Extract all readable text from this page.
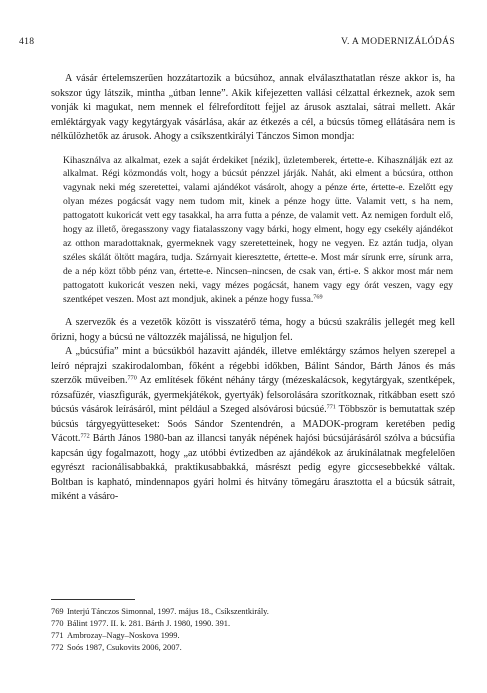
418	V. A MODERNIZÁLÓDÁS

A vásár értelemszerűen hozzátartozik a búcsúhoz, annak elválaszthatatlan része akkor is, ha sokszor úgy látszik, mintha „útban lenne”. Akik kifejezetten vallási célzattal érkeznek, azok sem vonják ki magukat, nem mennek el félrefordított fejjel az árusok asztalai, sátrai mellett. Akár emléktárgyak vagy kegytárgyak vásárlása, akár az étkezés a cél, a búcsús tömeg ellátására nem is nélkülözhetők az árusok. Ahogy a csíkszentkirályi Tánczos Simon mondja:

Kihasználva az alkalmat, ezek a saját érdekiket [nézik], üzletemberek, értette-e. Kihasználják ezt az alkalmat. Régi közmondás volt, hogy a búcsút pénzzel járják. Nahát, aki elment a búcsúra, otthon vagynak neki még szeretettei, valami ajándékot vásárolt, ahogy a pénze érte, értette-e. Ezelőtt egy olyan mézes pogácsát vagy nem tudom mit, kinek a pénze hogy ütte. Valamit vett, s ha nem, pattogatott kukoricát vett egy tasakkal, ha arra futta a pénze, de valamit vett. Az nemigen fordult elő, hogy az illető, öregasszony vagy fiatalasszony vagy bárki, hogy elment, hogy egy csekély ajándékot az otthon maradottaknak, gyermeknek vagy szeretetteinek, hogy ne vegyen. Ez aztán tudja, olyan széles skálát öltött magára, tudja. Szárnyait kieresztette, értette-e. Most már sírunk erre, sírunk arra, de a nép közt több pénz van, értette-e. Nincsen–nincsen, de csak van, érti-e. S akkor most már nem pattogatott kukoricát veszen neki, vagy mézes pogácsát, hanem vagy egy órát veszen, vagy egy szentképet veszen. Most azt mondjuk, akinek a pénze hogy fussa.$^{769}$

A szervezők és a vezetők között is visszatérő téma, hogy a búcsú szakrális jellegét meg kell őrizni, hogy a búcsú ne változzék majálissá, ne higuljon fel.

A „búcsúfia” mint a búcsúkból hazavitt ajándék, illetve emléktárgy számos helyen szerepel a leíró néprajzi szakirodalomban, főként a régebbi időkben, Bálint Sándor, Bárth János és más szerzők műveiben.$^{770}$ Az említések főként néhány tárgy (mézeskalácsok, kegytárgyak, szentképek, rózsafüzér, viaszfigurák, gyermekjátékok, gyertyák) felsorolására szorítkoznak, ritkábban esett szó búcsús vásárok leírásáról, mint például a Szeged alsóvárosi búcsúé.$^{771}$ Többször is bemutattak szép búcsús tárgyegyütteseket: Soós Sándor Szentendrén, a MADOK-program keretében pedig Vácott.$^{772}$ Bárth János 1980-ban az illancsi tanyák népének hajósi búcsújárásáról szólva a búcsúfia kapcsán úgy fogalmazott, hogy „az utóbbi évtizedben az ajándékok az árukínálatnak megfelelően egyrészt racionálisabbakká, praktikusabbakká, másrészt pedig egyre giccsesebbekké váltak. Boltban is kapható, mindennapos gyári holmi és hitvány tömegáru árasztotta el a búcsúk sátrait, miként a vásáro-

769 Interjú Tánczos Simonnal, 1997. május 18., Csíkszentkirály.
770 Bálint 1977. II. k. 281. Bárth J. 1980, 1990. 391.
771 Ambrozay–Nagy–Noskova 1999.
772 Soós 1987, Csukovits 2006, 2007.
